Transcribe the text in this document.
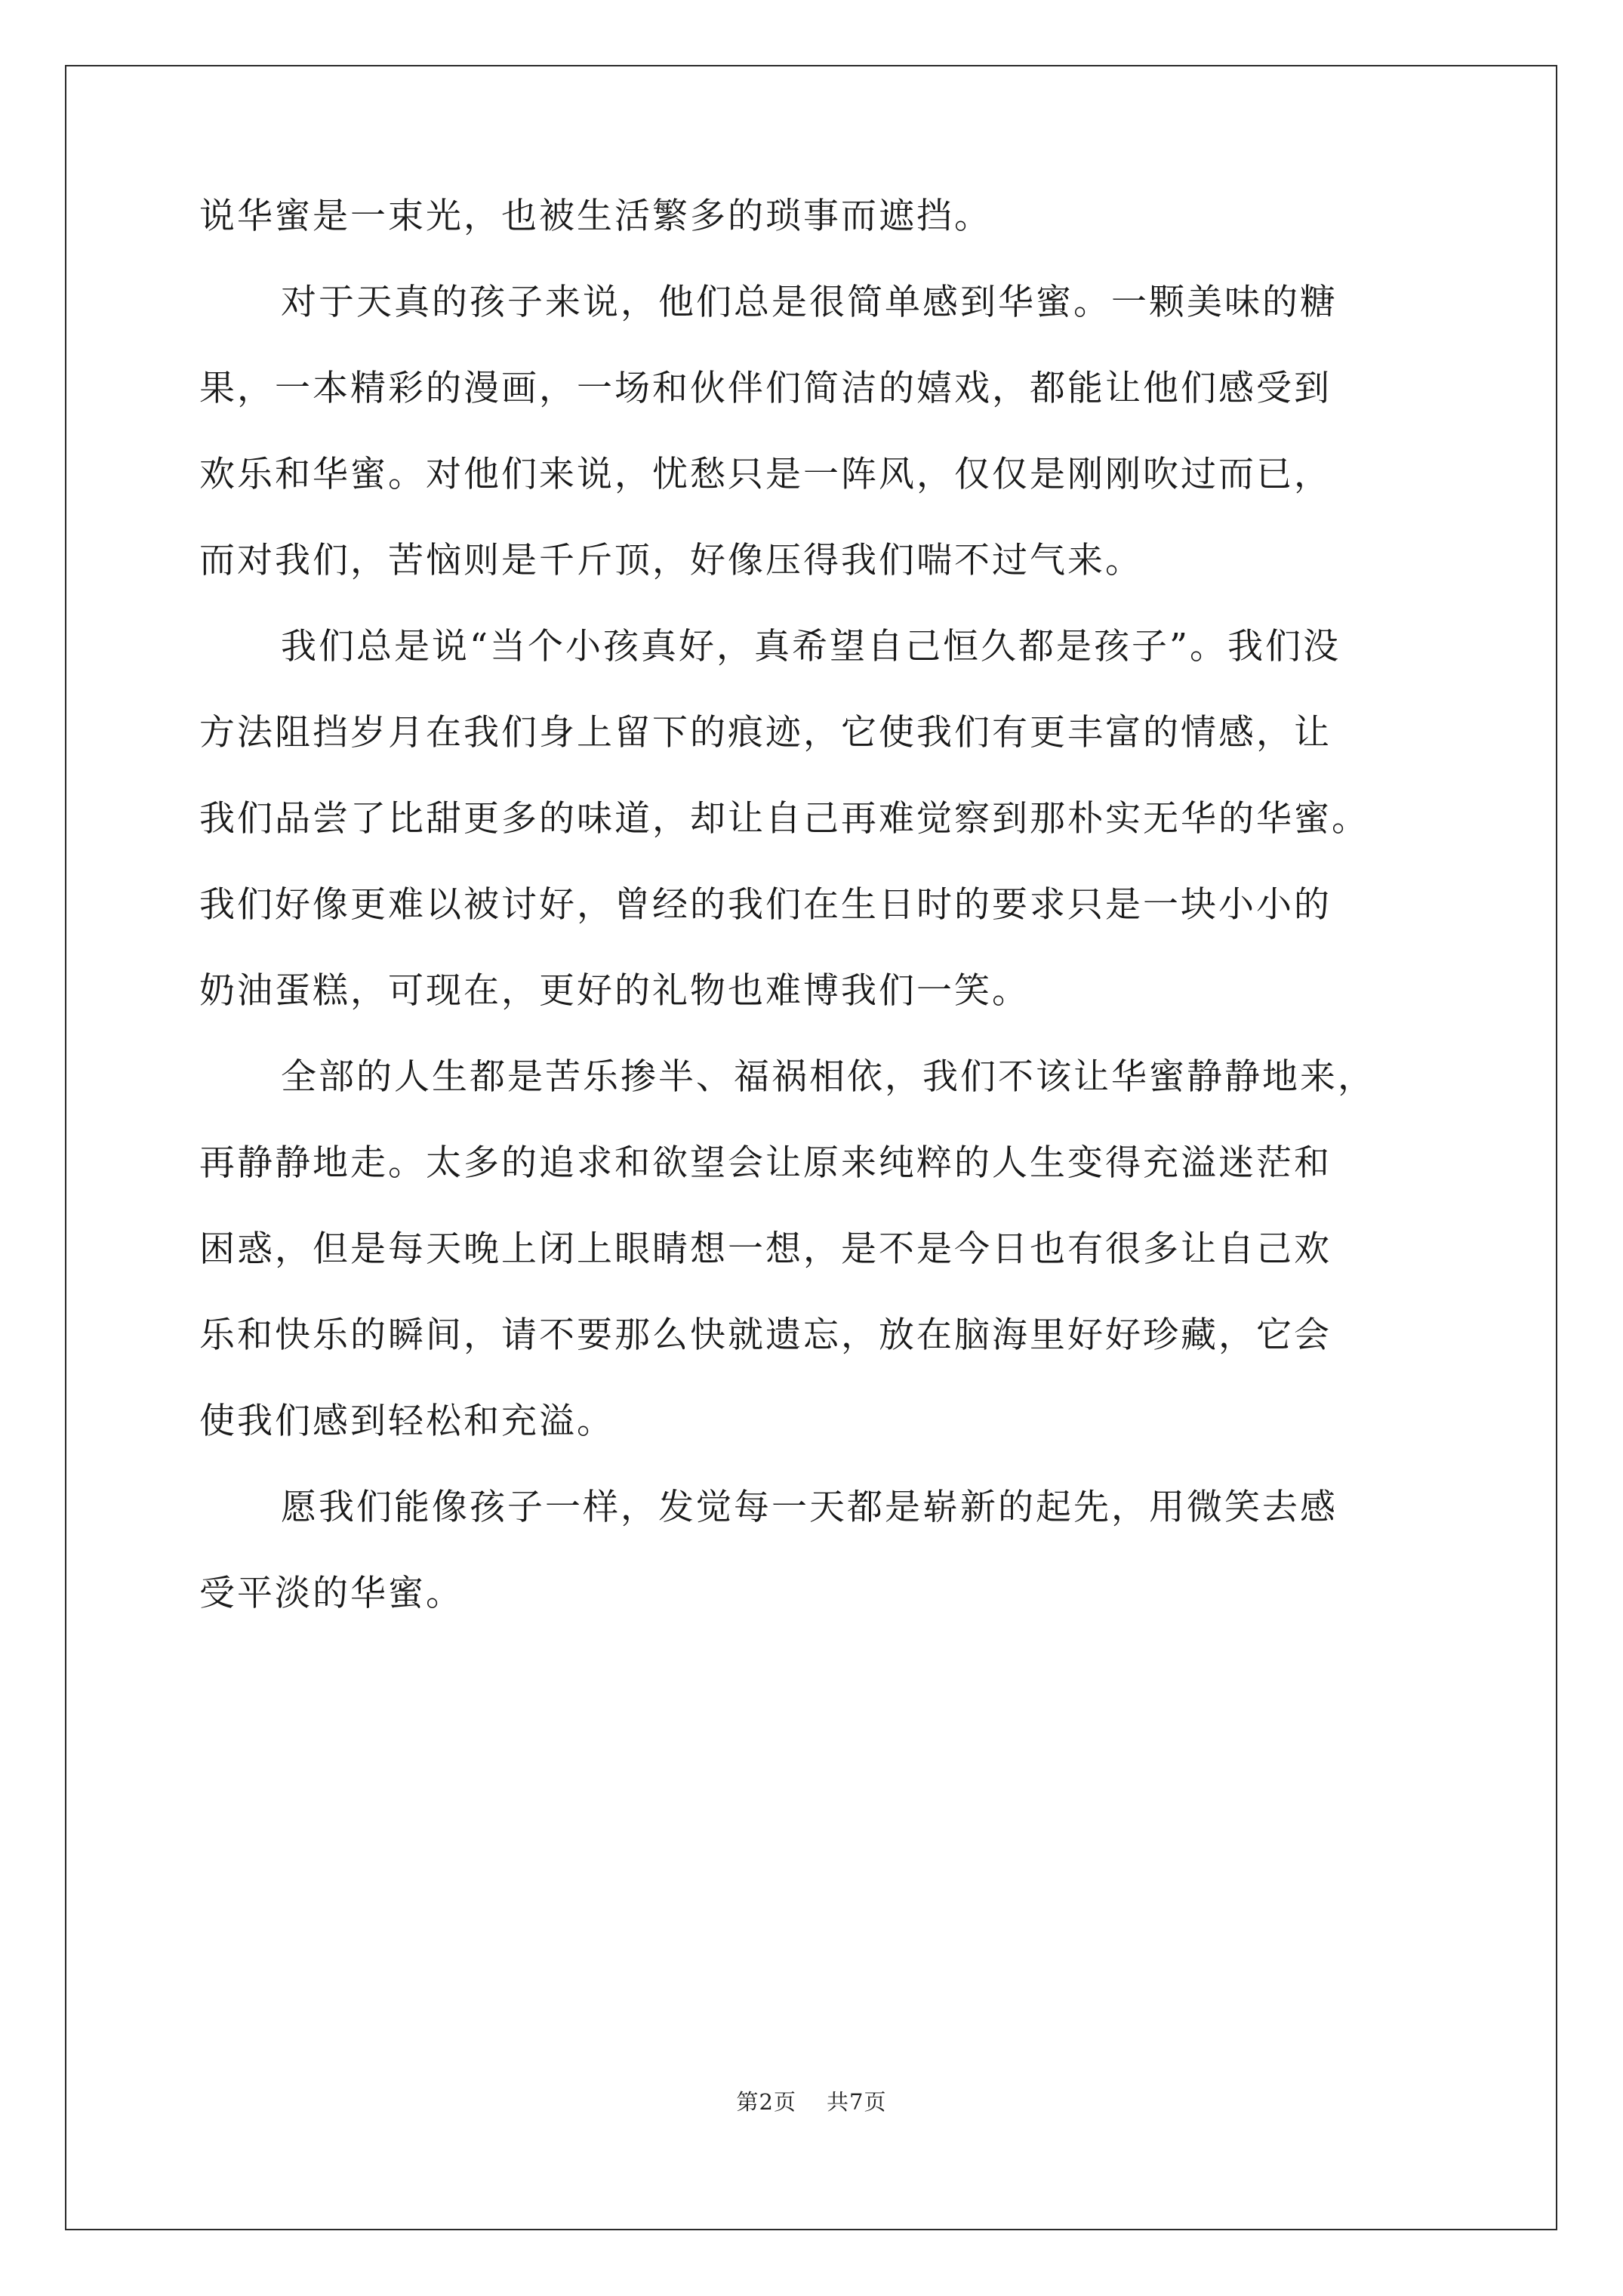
说华蜜是一束光，也被生活繁多的琐事而遮挡。
对于天真的孩子来说，他们总是很简单感到华蜜。一颗美味的糖
果，一本精彩的漫画，一场和伙伴们简洁的嬉戏，都能让他们感受到
欢乐和华蜜。对他们来说，忧愁只是一阵风，仅仅是刚刚吹过而已，
而对我们，苦恼则是千斤顶，好像压得我们喘不过气来。
我们总是说“当个小孩真好，真希望自己恒久都是孩子”。我们没
方法阻挡岁月在我们身上留下的痕迹，它使我们有更丰富的情感，让
我们品尝了比甜更多的味道，却让自己再难觉察到那朴实无华的华蜜。
我们好像更难以被讨好，曾经的我们在生日时的要求只是一块小小的
奶油蛋糕，可现在，更好的礼物也难博我们一笑。
全部的人生都是苦乐掺半、福祸相依，我们不该让华蜜静静地来，
再静静地走。太多的追求和欲望会让原来纯粹的人生变得充溢迷茫和
困惑，但是每天晚上闭上眼睛想一想，是不是今日也有很多让自己欢
乐和快乐的瞬间，请不要那么快就遗忘，放在脑海里好好珍藏，它会
使我们感到轻松和充溢。
愿我们能像孩子一样，发觉每一天都是崭新的起先，用微笑去感
受平淡的华蜜。
第2页 共7页
